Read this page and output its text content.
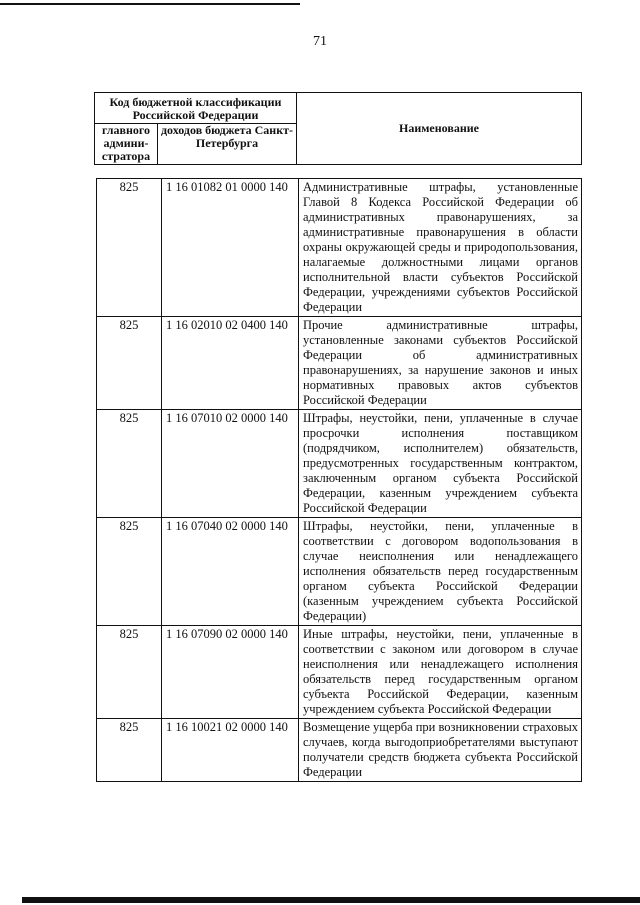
71
Код бюджетной классификации Российской Федерации		Наименование
главного админи-стратора	доходов бюджета Санкт-Петербурга	
825	1 16 01082 01 0000 140	Административные штрафы, установленные Главой 8 Кодекса Российской Федерации об административных правонарушениях, за административные правонарушения в области охраны окружающей среды и природопользования, налагаемые должностными лицами органов исполнительной власти субъектов Российской Федерации, учреждениями субъектов Российской Федерации
825	1 16 02010 02 0400 140	Прочие административные штрафы, установленные законами субъектов Российской Федерации об административных правонарушениях, за нарушение законов и иных нормативных правовых актов субъектов Российской Федерации
825	1 16 07010 02 0000 140	Штрафы, неустойки, пени, уплаченные в случае просрочки исполнения поставщиком (подрядчиком, исполнителем) обязательств, предусмотренных государственным контрактом, заключенным органом субъекта Российской Федерации, казенным учреждением субъекта Российской Федерации
825	1 16 07040 02 0000 140	Штрафы, неустойки, пени, уплаченные в соответствии с договором водопользования в случае неисполнения или ненадлежащего исполнения обязательств перед государственным органом субъекта Российской Федерации (казенным учреждением субъекта Российской Федерации)
825	1 16 07090 02 0000 140	Иные штрафы, неустойки, пени, уплаченные в соответствии с законом или договором в случае неисполнения или ненадлежащего исполнения обязательств перед государственным органом субъекта Российской Федерации, казенным учреждением субъекта Российской Федерации
825	1 16 10021 02 0000 140	Возмещение ущерба при возникновении страховых случаев, когда выгодоприобретателями выступают получатели средств бюджета субъекта Российской Федерации
